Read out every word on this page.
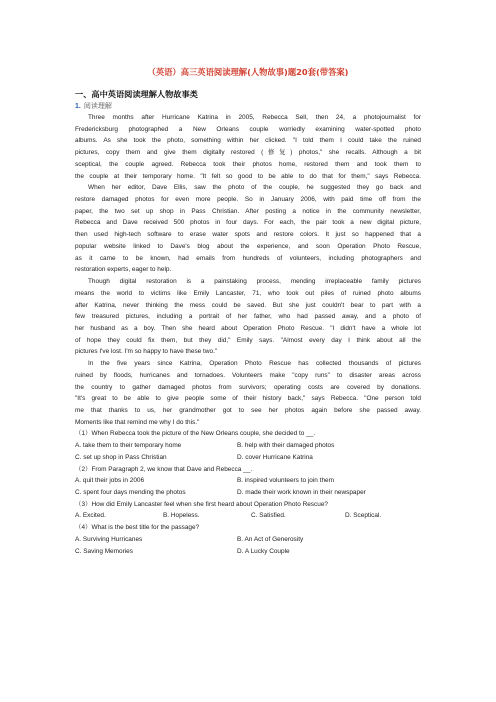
（英语）高三英语阅读理解(人物故事)题20套(带答案)
一、高中英语阅读理解人物故事类
1. 阅读理解
Three months after Hurricane Katrina in 2005, Rebecca Sell, then 24, a photojournalist for
Fredericksburg photographed a New Orleans couple worriedly examining water-spotted photo
albums. As she took the photo, something within her clicked. "I told them I could take the ruined
pictures, copy them and give them digitally restored (修复) photos," she recalls. Although a bit
sceptical, the couple agreed. Rebecca took their photos home, restored them and took them to
the couple at their temporary home. "It felt so good to be able to do that for them," says Rebecca.
When her editor, Dave Ellis, saw the photo of the couple, he suggested they go back and
restore damaged photos for even more people. So in January 2006, with paid time off from the
paper, the two set up shop in Pass Christian. After posting a notice in the community newsletter,
Rebecca and Dave received 500 photos in four days. For each, the pair took a new digital picture,
then used high-tech software to erase water spots and restore colors. It just so happened that a
popular website linked to Dave's blog about the experience, and soon Operation Photo Rescue,
as it came to be known, had emails from hundreds of volunteers, including photographers and
restoration experts, eager to help.
Though digital restoration is a painstaking process, mending irreplaceable family pictures
means the world to victims like Emily Lancaster, 71, who took out piles of ruined photo albums
after Katrina, never thinking the mess could be saved. But she just couldn't bear to part with a
few treasured pictures, including a portrait of her father, who had passed away, and a photo of
her husband as a boy. Then she heard about Operation Photo Rescue. "I didn't have a whole lot
of hope they could fix them, but they did," Emily says. "Almost every day I think about all the
pictures I've lost. I'm so happy to have these two."
In the five years since Katrina, Operation Photo Rescue has collected thousands of pictures
ruined by floods, hurricanes and tornadoes. Volunteers make "copy runs" to disaster areas across
the country to gather damaged photos from survivors; operating costs are covered by donations.
"It's great to be able to give people some of their history back," says Rebecca. "One person told
me that thanks to us, her grandmother got to see her photos again before she passed away.
Moments like that remind me why I do this."
（1）When Rebecca took the picture of the New Orleans couple, she decided to __.
A. take them to their temporary home	B. help with their damaged photos
C. set up shop in Pass Christian	D. cover Hurricane Katrina
（2）From Paragraph 2, we know that Dave and Rebecca __.
A. quit their jobs in 2006	B. inspired volunteers to join them
C. spent four days mending the photos	D. made their work known in their newspaper
（3）How did Emily Lancaster feel when she first heard about Operation Photo Rescue?
A. Excited.	B. Hopeless.	C. Satisfied.	D. Sceptical.
（4）What is the best title for the passage?
A. Surviving Hurricanes	B. An Act of Generosity
C. Saving Memories	D. A Lucky Couple
